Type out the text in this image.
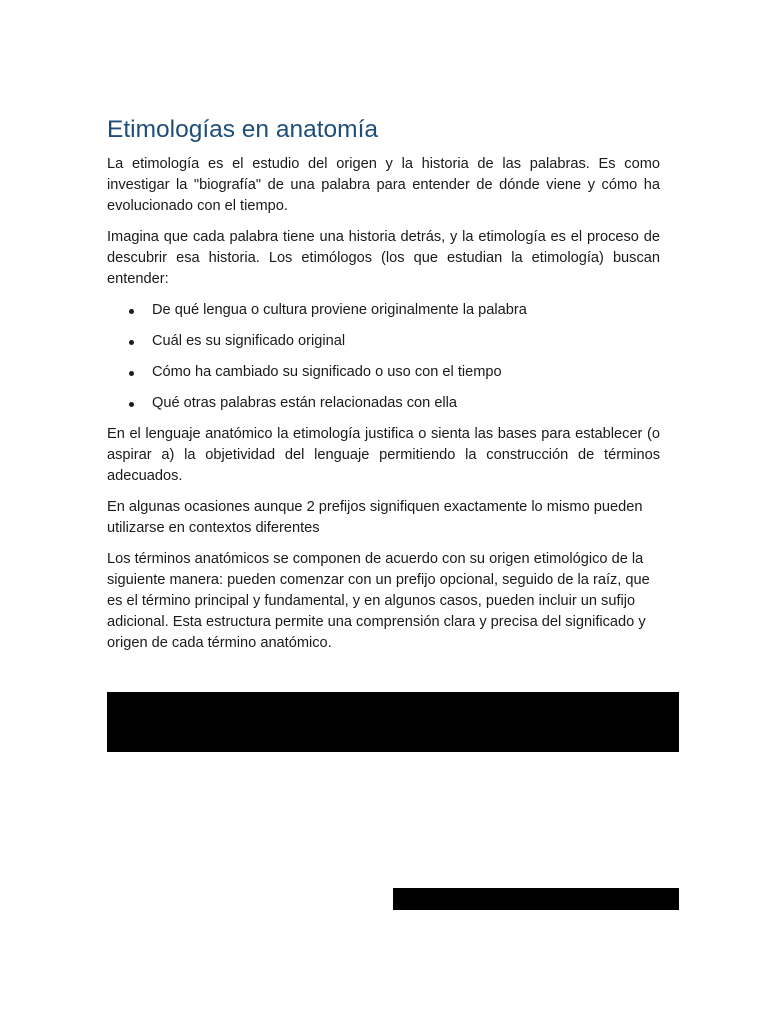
Etimologías en anatomía

La etimología es el estudio del origen y la historia de las palabras. Es como investigar la "biografía" de una palabra para entender de dónde viene y cómo ha evolucionado con el tiempo.

Imagina que cada palabra tiene una historia detrás, y la etimología es el proceso de descubrir esa historia. Los etimólogos (los que estudian la etimología) buscan entender:

De qué lengua o cultura proviene originalmente la palabra
Cuál es su significado original
Cómo ha cambiado su significado o uso con el tiempo
Qué otras palabras están relacionadas con ella

En el lenguaje anatómico la etimología justifica o sienta las bases para establecer (o aspirar a) la objetividad del lenguaje permitiendo la construcción de términos adecuados.

En algunas ocasiones aunque 2 prefijos signifiquen exactamente lo mismo pueden utilizarse en contextos diferentes

Los términos anatómicos se componen de acuerdo con su origen etimológico de la siguiente manera: pueden comenzar con un prefijo opcional, seguido de la raíz, que es el término principal y fundamental, y en algunos casos, pueden incluir un sufijo adicional. Esta estructura permite una comprensión clara y precisa del significado y origen de cada término anatómico.
